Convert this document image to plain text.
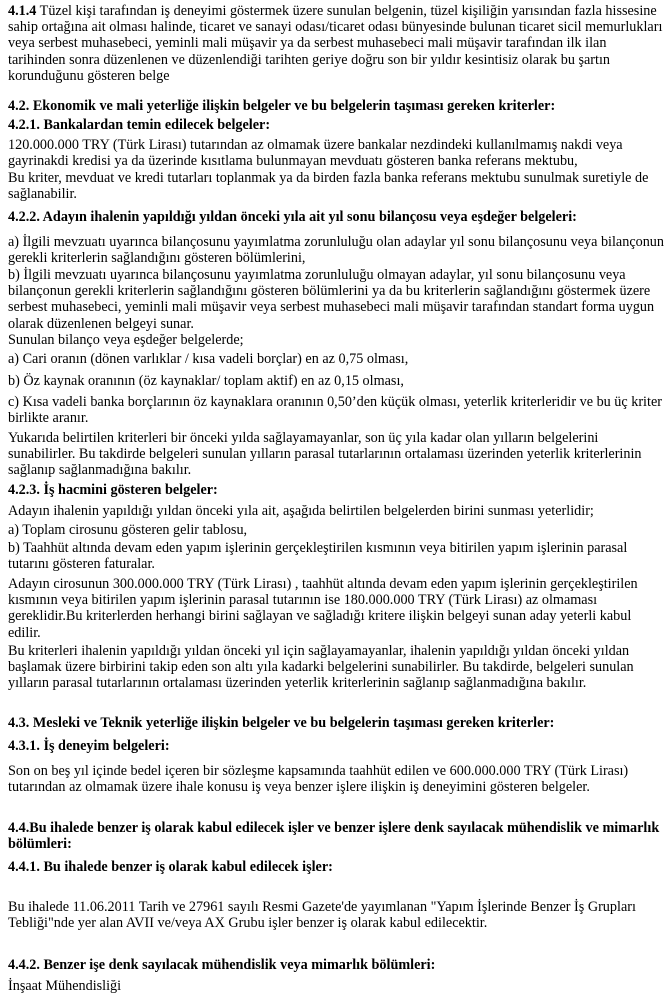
4.1.4 Tüzel kişi tarafından iş deneyimi göstermek üzere sunulan belgenin, tüzel kişiliğin yarısından fazla hissesine sahip ortağına ait olması halinde, ticaret ve sanayi odası/ticaret odası bünyesinde bulunan ticaret sicil memurlukları veya serbest muhasebeci, yeminli mali müşavir ya da serbest muhasebeci mali müşavir tarafından ilk ilan tarihinden sonra düzenlenen ve düzenlendiği tarihten geriye doğru son bir yıldır kesintisiz olarak bu şartın korunduğunu gösteren belge

4.2. Ekonomik ve mali yeterliğe ilişkin belgeler ve bu belgelerin taşıması gereken kriterler:

4.2.1. Bankalardan temin edilecek belgeler:

120.000.000 TRY (Türk Lirası) tutarından az olmamak üzere bankalar nezdindeki kullanılmamış nakdi veya gayrinakdi kredisi ya da üzerinde kısıtlama bulunmayan mevduatı gösteren banka referans mektubu,

Bu kriter, mevduat ve kredi tutarları toplanmak ya da birden fazla banka referans mektubu sunulmak suretiyle de sağlanabilir.

4.2.2. Adayın ihalenin yapıldığı yıldan önceki yıla ait yıl sonu bilançosu veya eşdeğer belgeleri:

a) İlgili mevzuatı uyarınca bilançosunu yayımlatma zorunluluğu olan adaylar yıl sonu bilançosunu veya bilançonun gerekli kriterlerin sağlandığını gösteren bölümlerini,

b) İlgili mevzuatı uyarınca bilançosunu yayımlatma zorunluluğu olmayan adaylar, yıl sonu bilançosunu veya bilançonun gerekli kriterlerin sağlandığını gösteren bölümlerini ya da bu kriterlerin sağlandığını göstermek üzere serbest muhasebeci, yeminli mali müşavir veya serbest muhasebeci mali müşavir tarafından standart forma uygun olarak düzenlenen belgeyi sunar.

Sunulan bilanço veya eşdeğer belgelerde;

a) Cari oranın (dönen varlıklar / kısa vadeli borçlar) en az 0,75 olması,

b) Öz kaynak oranının (öz kaynaklar/ toplam aktif) en az 0,15 olması,

c) Kısa vadeli banka borçlarının öz kaynaklara oranının 0,50’den küçük olması, yeterlik kriterleridir ve bu üç kriter birlikte aranır.

Yukarıda belirtilen kriterleri bir önceki yılda sağlayamayanlar, son üç yıla kadar olan yılların belgelerini sunabilirler. Bu takdirde belgeleri sunulan yılların parasal tutarlarının ortalaması üzerinden yeterlik kriterlerinin sağlanıp sağlanmadığına bakılır.

4.2.3. İş hacmini gösteren belgeler:

Adayın ihalenin yapıldığı yıldan önceki yıla ait, aşağıda belirtilen belgelerden birini sunması yeterlidir;

a) Toplam cirosunu gösteren gelir tablosu,

b) Taahhüt altında devam eden yapım işlerinin gerçekleştirilen kısmının veya bitirilen yapım işlerinin parasal tutarını gösteren faturalar.

Adayın cirosunun 300.000.000 TRY (Türk Lirası) , taahhüt altında devam eden yapım işlerinin gerçekleştirilen kısmının veya bitirilen yapım işlerinin parasal tutarının ise 180.000.000 TRY (Türk Lirası) az olmaması gereklidir.Bu kriterlerden herhangi birini sağlayan ve sağladığı kritere ilişkin belgeyi sunan aday yeterli kabul edilir.

Bu kriterleri ihalenin yapıldığı yıldan önceki yıl için sağlayamayanlar, ihalenin yapıldığı yıldan önceki yıldan başlamak üzere birbirini takip eden son altı yıla kadarki belgelerini sunabilirler. Bu takdirde, belgeleri sunulan yılların parasal tutarlarının ortalaması üzerinden yeterlik kriterlerinin sağlanıp sağlanmadığına bakılır.

4.3. Mesleki ve Teknik yeterliğe ilişkin belgeler ve bu belgelerin taşıması gereken kriterler:

4.3.1. İş deneyim belgeleri:

Son on beş yıl içinde bedel içeren bir sözleşme kapsamında taahhüt edilen ve 600.000.000 TRY (Türk Lirası) tutarından az olmamak üzere ihale konusu iş veya benzer işlere ilişkin iş deneyimini gösteren belgeler.

4.4.Bu ihalede benzer iş olarak kabul edilecek işler ve benzer işlere denk sayılacak mühendislik ve mimarlık bölümleri:

4.4.1. Bu ihalede benzer iş olarak kabul edilecek işler:

Bu ihalede 11.06.2011 Tarih ve 27961 sayılı Resmi Gazete'de yayımlanan "Yapım İşlerinde Benzer İş Grupları Tebliği"nde yer alan AVII ve/veya AX Grubu işler benzer iş olarak kabul edilecektir.

4.4.2. Benzer işe denk sayılacak mühendislik veya mimarlık bölümleri:

İnşaat Mühendisliği
